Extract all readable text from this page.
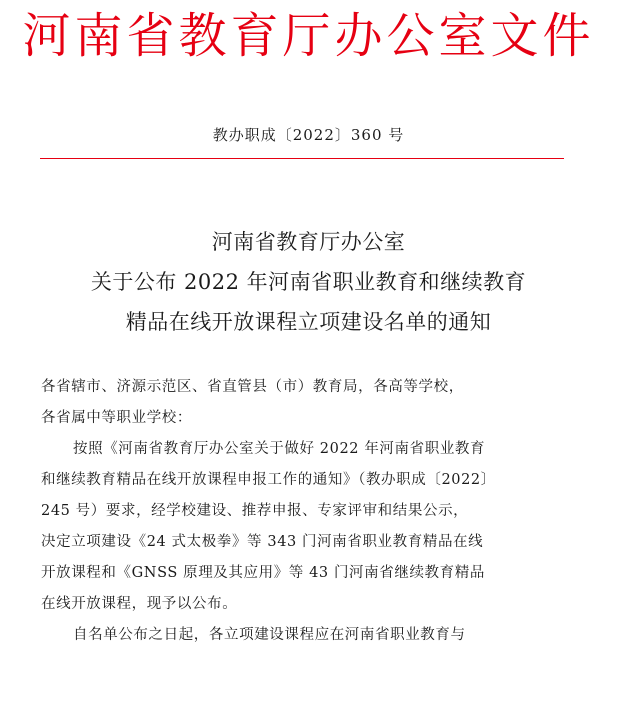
河南省教育厅办公室文件
教办职成〔2022〕360 号
河南省教育厅办公室
关于公布 2022 年河南省职业教育和继续教育
精品在线开放课程立项建设名单的通知

各省辖市、济源示范区、省直管县（市）教育局，各高等学校，

各省属中等职业学校：

按照《河南省教育厅办公室关于做好 2022 年河南省职业教育

和继续教育精品在线开放课程申报工作的通知》（教办职成〔2022〕

245 号）要求，经学校建设、推荐申报、专家评审和结果公示，

决定立项建设《24 式太极拳》等 343 门河南省职业教育精品在线

开放课程和《GNSS 原理及其应用》等 43 门河南省继续教育精品

在线开放课程，现予以公布。

自名单公布之日起，各立项建设课程应在河南省职业教育与
